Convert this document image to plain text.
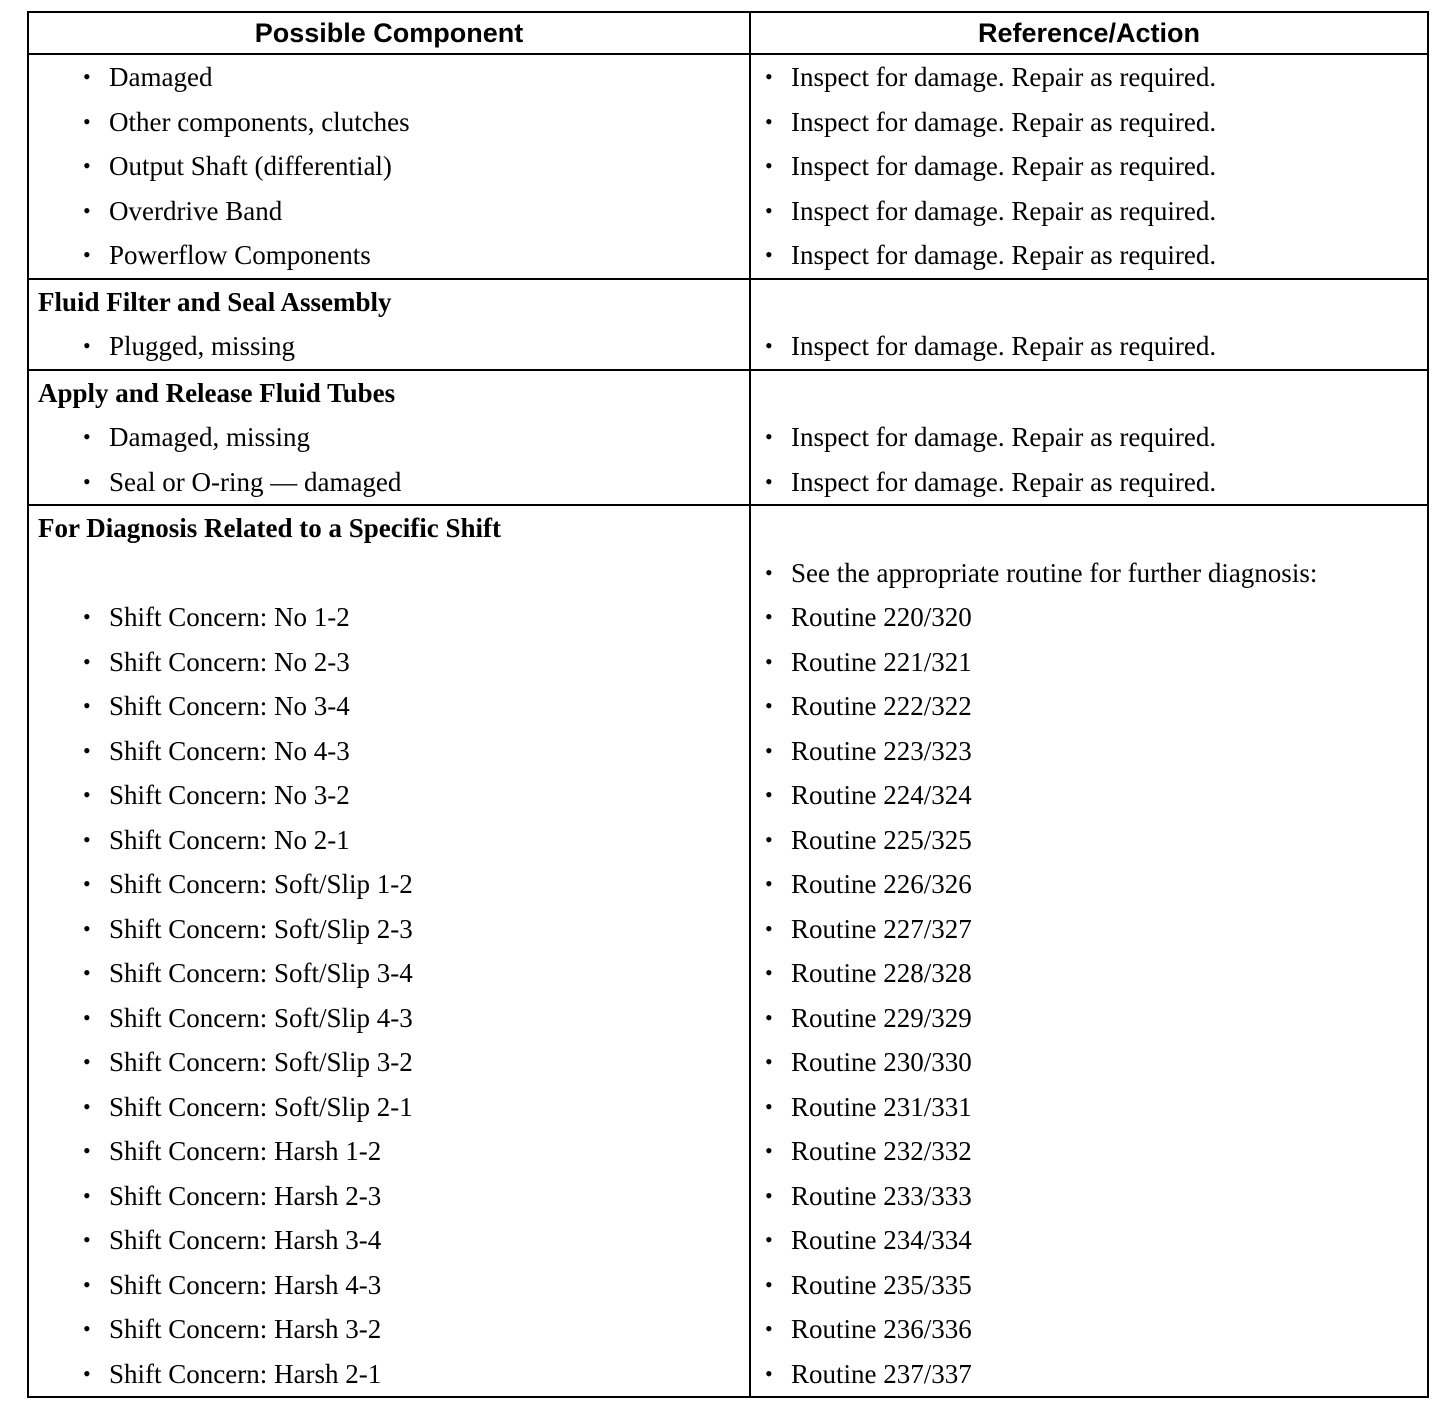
Possible Component	Reference/Action

• Damaged	• Inspect for damage. Repair as required.

• Other components, clutches	• Inspect for damage. Repair as required.

• Output Shaft (differential)	• Inspect for damage. Repair as required.

• Overdrive Band	• Inspect for damage. Repair as required.

• Powerflow Components	• Inspect for damage. Repair as required.

Fluid Filter and Seal Assembly	

• Plugged, missing	• Inspect for damage. Repair as required.

Apply and Release Fluid Tubes	

• Damaged, missing	• Inspect for damage. Repair as required.

• Seal or O-ring — damaged	• Inspect for damage. Repair as required.

For Diagnosis Related to a Specific Shift	

	• See the appropriate routine for further diagnosis:

• Shift Concern: No 1-2	• Routine 220/320

• Shift Concern: No 2-3	• Routine 221/321

• Shift Concern: No 3-4	• Routine 222/322

• Shift Concern: No 4-3	• Routine 223/323

• Shift Concern: No 3-2	• Routine 224/324

• Shift Concern: No 2-1	• Routine 225/325

• Shift Concern: Soft/Slip 1-2	• Routine 226/326

• Shift Concern: Soft/Slip 2-3	• Routine 227/327

• Shift Concern: Soft/Slip 3-4	• Routine 228/328

• Shift Concern: Soft/Slip 4-3	• Routine 229/329

• Shift Concern: Soft/Slip 3-2	• Routine 230/330

• Shift Concern: Soft/Slip 2-1	• Routine 231/331

• Shift Concern: Harsh 1-2	• Routine 232/332

• Shift Concern: Harsh 2-3	• Routine 233/333

• Shift Concern: Harsh 3-4	• Routine 234/334

• Shift Concern: Harsh 4-3	• Routine 235/335

• Shift Concern: Harsh 3-2	• Routine 236/336

• Shift Concern: Harsh 2-1	• Routine 237/337
